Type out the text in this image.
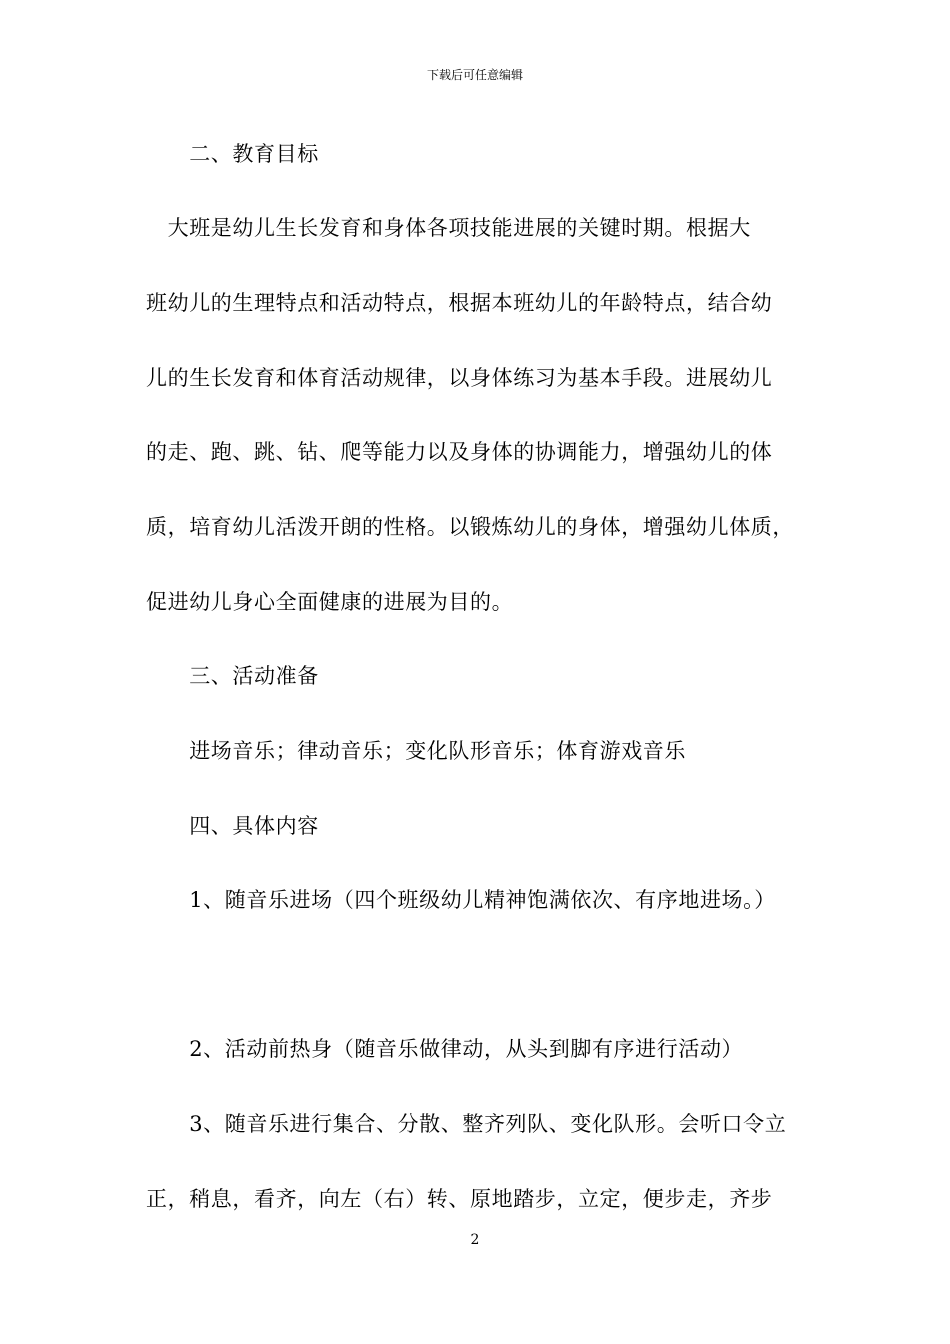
下载后可任意编辑
　　二、教育目标
　大班是幼儿生长发育和身体各项技能进展的关键时期。根据大
班幼儿的生理特点和活动特点，根据本班幼儿的年龄特点，结合幼
儿的生长发育和体育活动规律，以身体练习为基本手段。进展幼儿
的走、跑、跳、钻、爬等能力以及身体的协调能力，增强幼儿的体
质，培育幼儿活泼开朗的性格。以锻炼幼儿的身体，增强幼儿体质，
促进幼儿身心全面健康的进展为目的。
　　三、活动准备
　　进场音乐；律动音乐；变化队形音乐；体育游戏音乐
　　四、具体内容
　　1、随音乐进场（四个班级幼儿精神饱满依次、有序地进场。）
　　2、活动前热身（随音乐做律动，从头到脚有序进行活动）
　　3、随音乐进行集合、分散、整齐列队、变化队形。会听口令立
正，稍息，看齐，向左（右）转、原地踏步，立定，便步走，齐步
2
